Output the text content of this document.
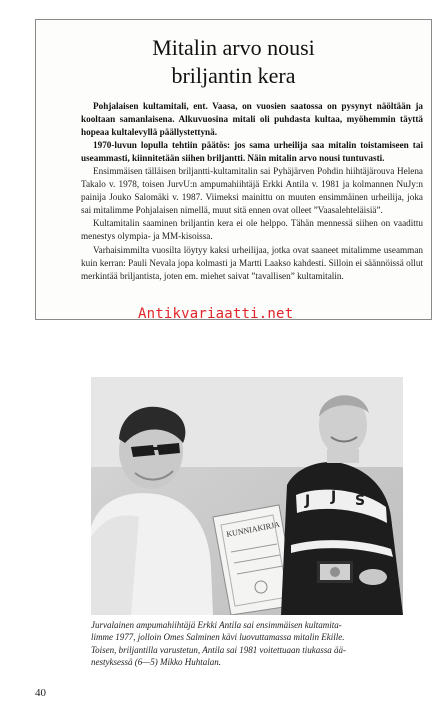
Mitalin arvo nousi
briljantin kera

Pohjalaisen kultamitali, ent. Vaasa, on vuosien saatossa on pysynyt näöltään ja kooltaan samanlaisena. Alkuvuosina mitali oli puhdasta kultaa, myöhemmin täyttä hopeaa kultalevyllä päällystettynä.

1970-luvun lopulla tehtiin päätös: jos sama urheilija saa mitalin toistamiseen tai useammasti, kiinnitetään siihen briljantti. Näin mitalin arvo nousi tuntuvasti.

Ensimmäisen tälläisen briljantti-kultamitalin sai Pyhäjärven Pohdin hiihtäjärouva Helena Takalo v. 1978, toisen JurvU:n ampumahiihtäjä Erkki Antila v. 1981 ja kolmannen NuJy:n painija Jouko Salomäki v. 1987. Viimeksi mainittu on muuten ensimmäinen urheilija, joka sai mitalimme Pohjalaisen nimellä, muut sitä ennen ovat olleet ”Vaasalehteläisiä”.

Kultamitalin saaminen briljantin kera ei ole helppo. Tähän mennessä siihen on vaadittu menestys olympia- ja MM-kisoissa.

Varhaisimmilta vuosilta löytyy kaksi urheilijaa, jotka ovat saaneet mitalimme useamman kuin kerran: Pauli Nevala jopa kolmasti ja Martti Laakso kahdesti. Silloin ei säännöissä ollut merkintää briljantista, joten em. miehet saivat ”tavallisen” kultamitalin.

Antikvariaatti.net
KUNNIAKIRJA
J J S
Jurvalainen ampumahiihtäjä Erkki Antila sai ensimmäisen kultamita-
limme 1977, jolloin Omes Salminen kävi luovuttamassa mitalin Ekille.
Toisen, briljantilla varustetun, Antila sai 1981 voitettuaan tiukassa ää-
nestyksessä (6—5) Mikko Huhtalan.
40
